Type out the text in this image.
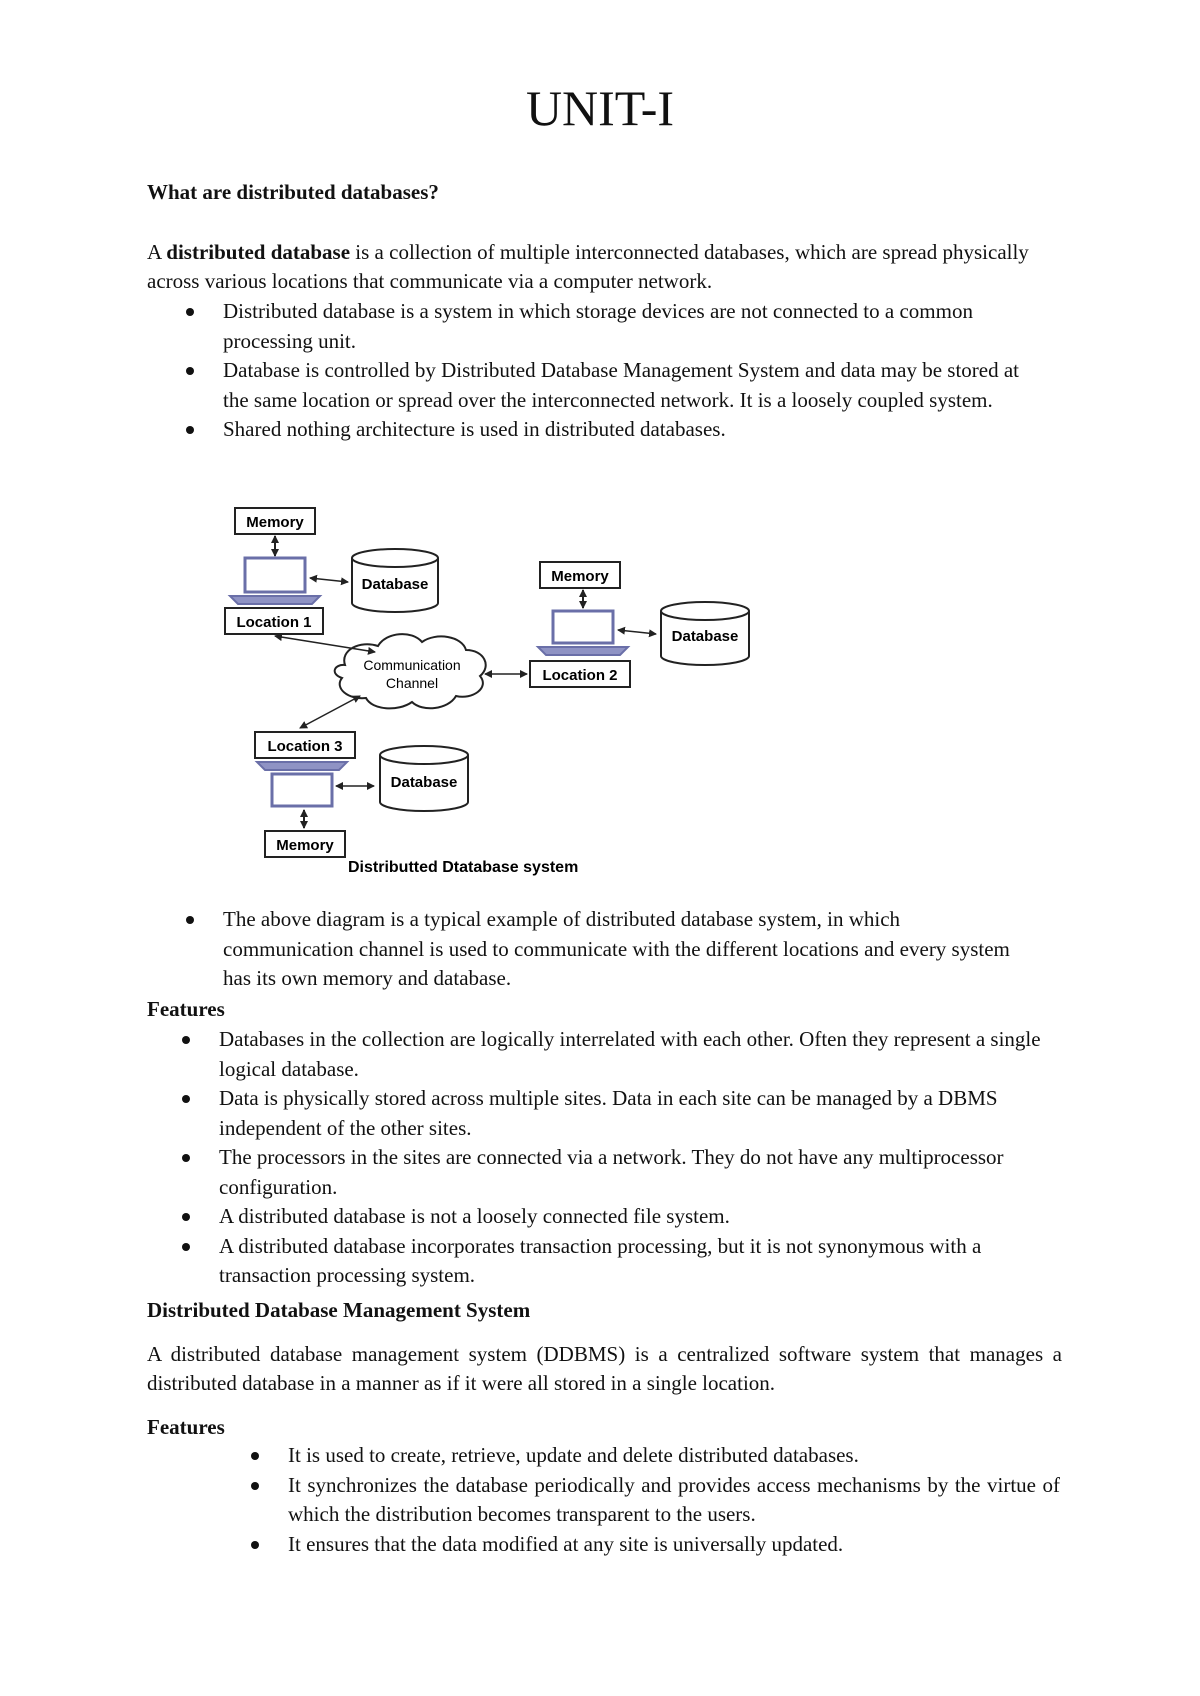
UNIT-I
What are distributed databases?
A distributed database is a collection of multiple interconnected databases, which are spread physically across various locations that communicate via a computer network.
Distributed database is a system in which storage devices are not connected to a common processing unit.
Database is controlled by Distributed Database Management System and data may be stored at the same location or spread over the interconnected network. It is a loosely coupled system.
Shared nothing architecture is used in distributed databases.
Memory
Location 1
Database	Memory
Location 2
Database
Communication
Channel
Location 3
Database
Memory
Distributted Dtatabase system
The above diagram is a typical example of distributed database system, in which communication channel is used to communicate with the different locations and every system has its own memory and database.
Features
Databases in the collection are logically interrelated with each other. Often they represent a single logical database.
Data is physically stored across multiple sites. Data in each site can be managed by a DBMS independent of the other sites.
The processors in the sites are connected via a network. They do not have any multiprocessor configuration.
A distributed database is not a loosely connected file system.
A distributed database incorporates transaction processing, but it is not synonymous with a transaction processing system.
Distributed Database Management System
A distributed database management system (DDBMS) is a centralized software system that manages a distributed database in a manner as if it were all stored in a single location.
Features
It is used to create, retrieve, update and delete distributed databases.
It synchronizes the database periodically and provides access mechanisms by the virtue of which the distribution becomes transparent to the users.
It ensures that the data modified at any site is universally updated.
